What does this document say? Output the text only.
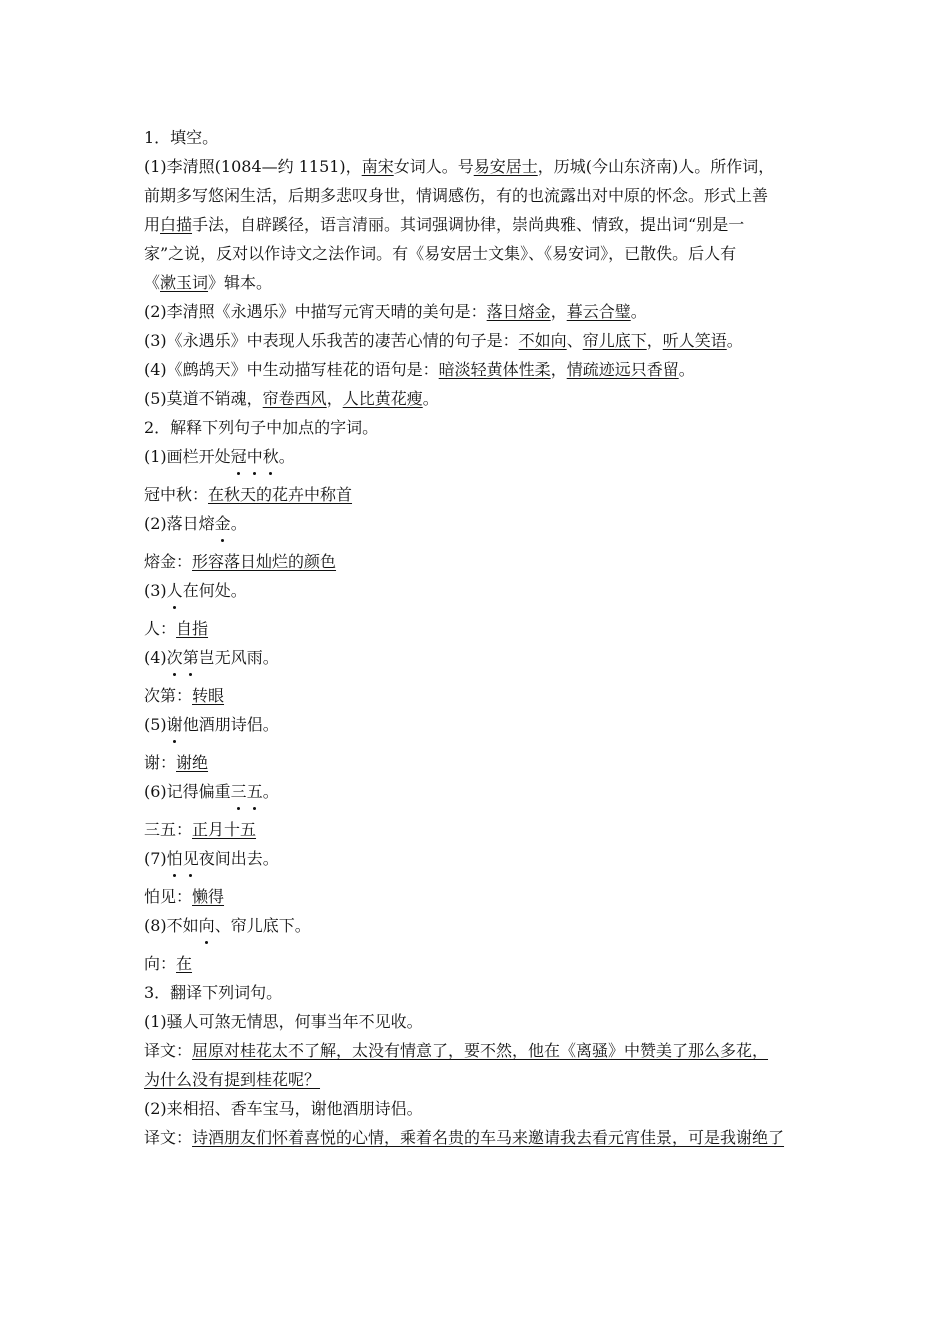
1．填空。
(1)李清照(1084—约 1151)，南宋女词人。号易安居士，历城(今山东济南)人。所作词，
前期多写悠闲生活，后期多悲叹身世，情调感伤，有的也流露出对中原的怀念。形式上善
用白描手法，自辟蹊径，语言清丽。其词强调协律，崇尚典雅、情致，提出词“别是一
家”之说，反对以作诗文之法作词。有《易安居士文集》、《易安词》，已散佚。后人有
《漱玉词》辑本。
(2)李清照《永遇乐》中描写元宵天晴的美句是：落日熔金，暮云合璧。
(3)《永遇乐》中表现人乐我苦的凄苦心情的句子是：不如向、帘儿底下，听人笑语。
(4)《鹧鸪天》中生动描写桂花的语句是：暗淡轻黄体性柔，情疏迹远只香留。
(5)莫道不销魂，帘卷西风，人比黄花瘦。
2．解释下列句子中加点的字词。
(1)画栏开处冠中秋。
冠中秋：在秋天的花卉中称首
(2)落日熔金。
熔金：形容落日灿烂的颜色
(3)人在何处。
人：自指
(4)次第岂无风雨。
次第：转眼
(5)谢他酒朋诗侣。
谢：谢绝
(6)记得偏重三五。
三五：正月十五
(7)怕见夜间出去。
怕见：懒得
(8)不如向、帘儿底下。
向：在
3．翻译下列词句。
(1)骚人可煞无情思，何事当年不见收。
译文：屈原对桂花太不了解，太没有情意了，要不然，他在《离骚》中赞美了那么多花，
为什么没有提到桂花呢？
(2)来相招、香车宝马，谢他酒朋诗侣。
译文：诗酒朋友们怀着喜悦的心情，乘着名贵的车马来邀请我去看元宵佳景，可是我谢绝了
